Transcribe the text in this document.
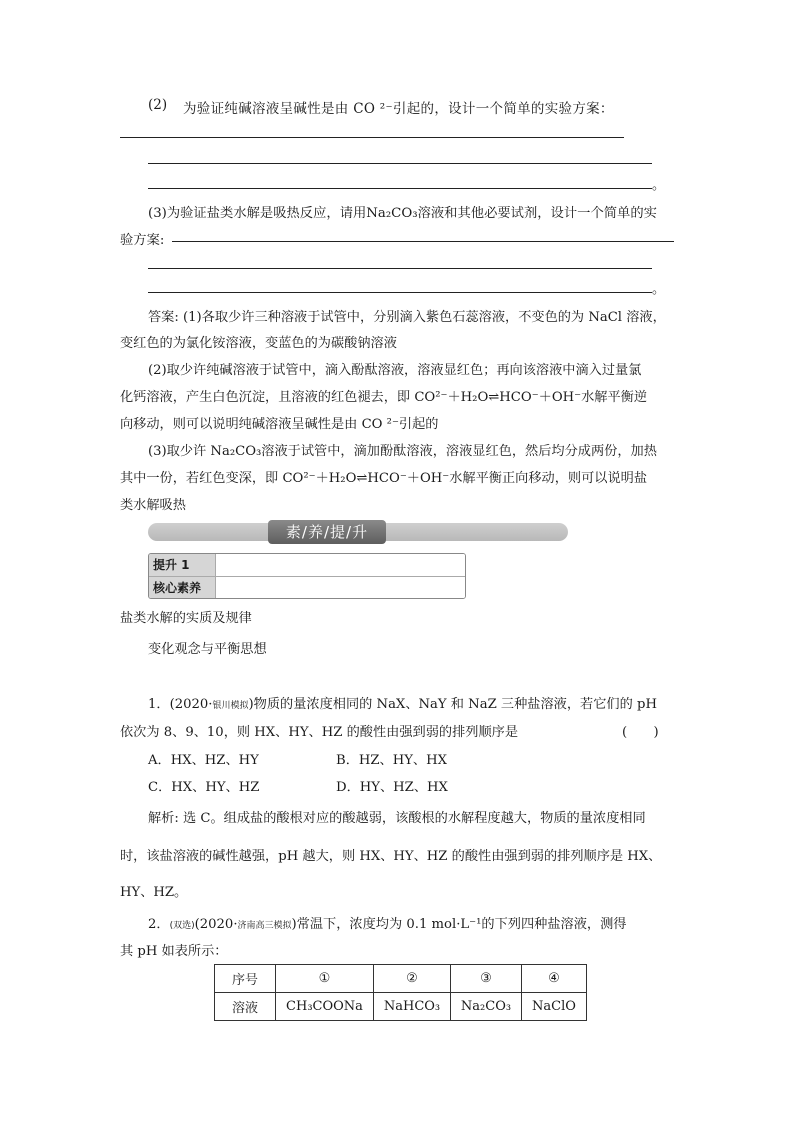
(2) 为验证纯碱溶液呈碱性是由 CO ²⁻引起的，设计一个简单的实验方案：
。
(3)为验证盐类水解是吸热反应，请用Na₂CO₃溶液和其他必要试剂，设计一个简单的实
验方案:
。
答案: (1)各取少许三种溶液于试管中，分别滴入紫色石蕊溶液，不变色的为 NaCl 溶液，
变红色的为氯化铵溶液，变蓝色的为碳酸钠溶液
(2)取少许纯碱溶液于试管中，滴入酚酞溶液，溶液显红色；再向该溶液中滴入过量氯
化钙溶液，产生白色沉淀，且溶液的红色褪去，即 CO²⁻＋H₂O⇌HCO⁻＋OH⁻水解平衡逆
向移动，则可以说明纯碱溶液呈碱性是由 CO ²⁻引起的
(3)取少许 Na₂CO₃溶液于试管中，滴加酚酞溶液，溶液显红色，然后均分成两份，加热
其中一份，若红色变深，即 CO²⁻＋H₂O⇌HCO⁻＋OH⁻水解平衡正向移动，则可以说明盐
类水解吸热
素/养/提/升
提升 1
核心素养
盐类水解的实质及规律
变化观念与平衡思想
1．(2020·银川模拟)物质的量浓度相同的 NaX、NaY 和 NaZ 三种盐溶液，若它们的 pH
依次为 8、9、10，则 HX、HY、HZ 的酸性由强到弱的排列顺序是	(　　)
A．HX、HZ、HY	B．HZ、HY、HX
C．HX、HY、HZ	D．HY、HZ、HX
解析: 选 C。组成盐的酸根对应的酸越弱，该酸根的水解程度越大，物质的量浓度相同
时，该盐溶液的碱性越强，pH 越大，则 HX、HY、HZ 的酸性由强到弱的排列顺序是 HX、
HY、HZ。
2．(双选)(2020·济南高三模拟)常温下，浓度均为 0.1 mol·L⁻¹的下列四种盐溶液，测得
其 pH 如表所示：
序号	①	②	③	④
溶液	CH₃COONa	NaHCO₃	Na₂CO₃	NaClO
